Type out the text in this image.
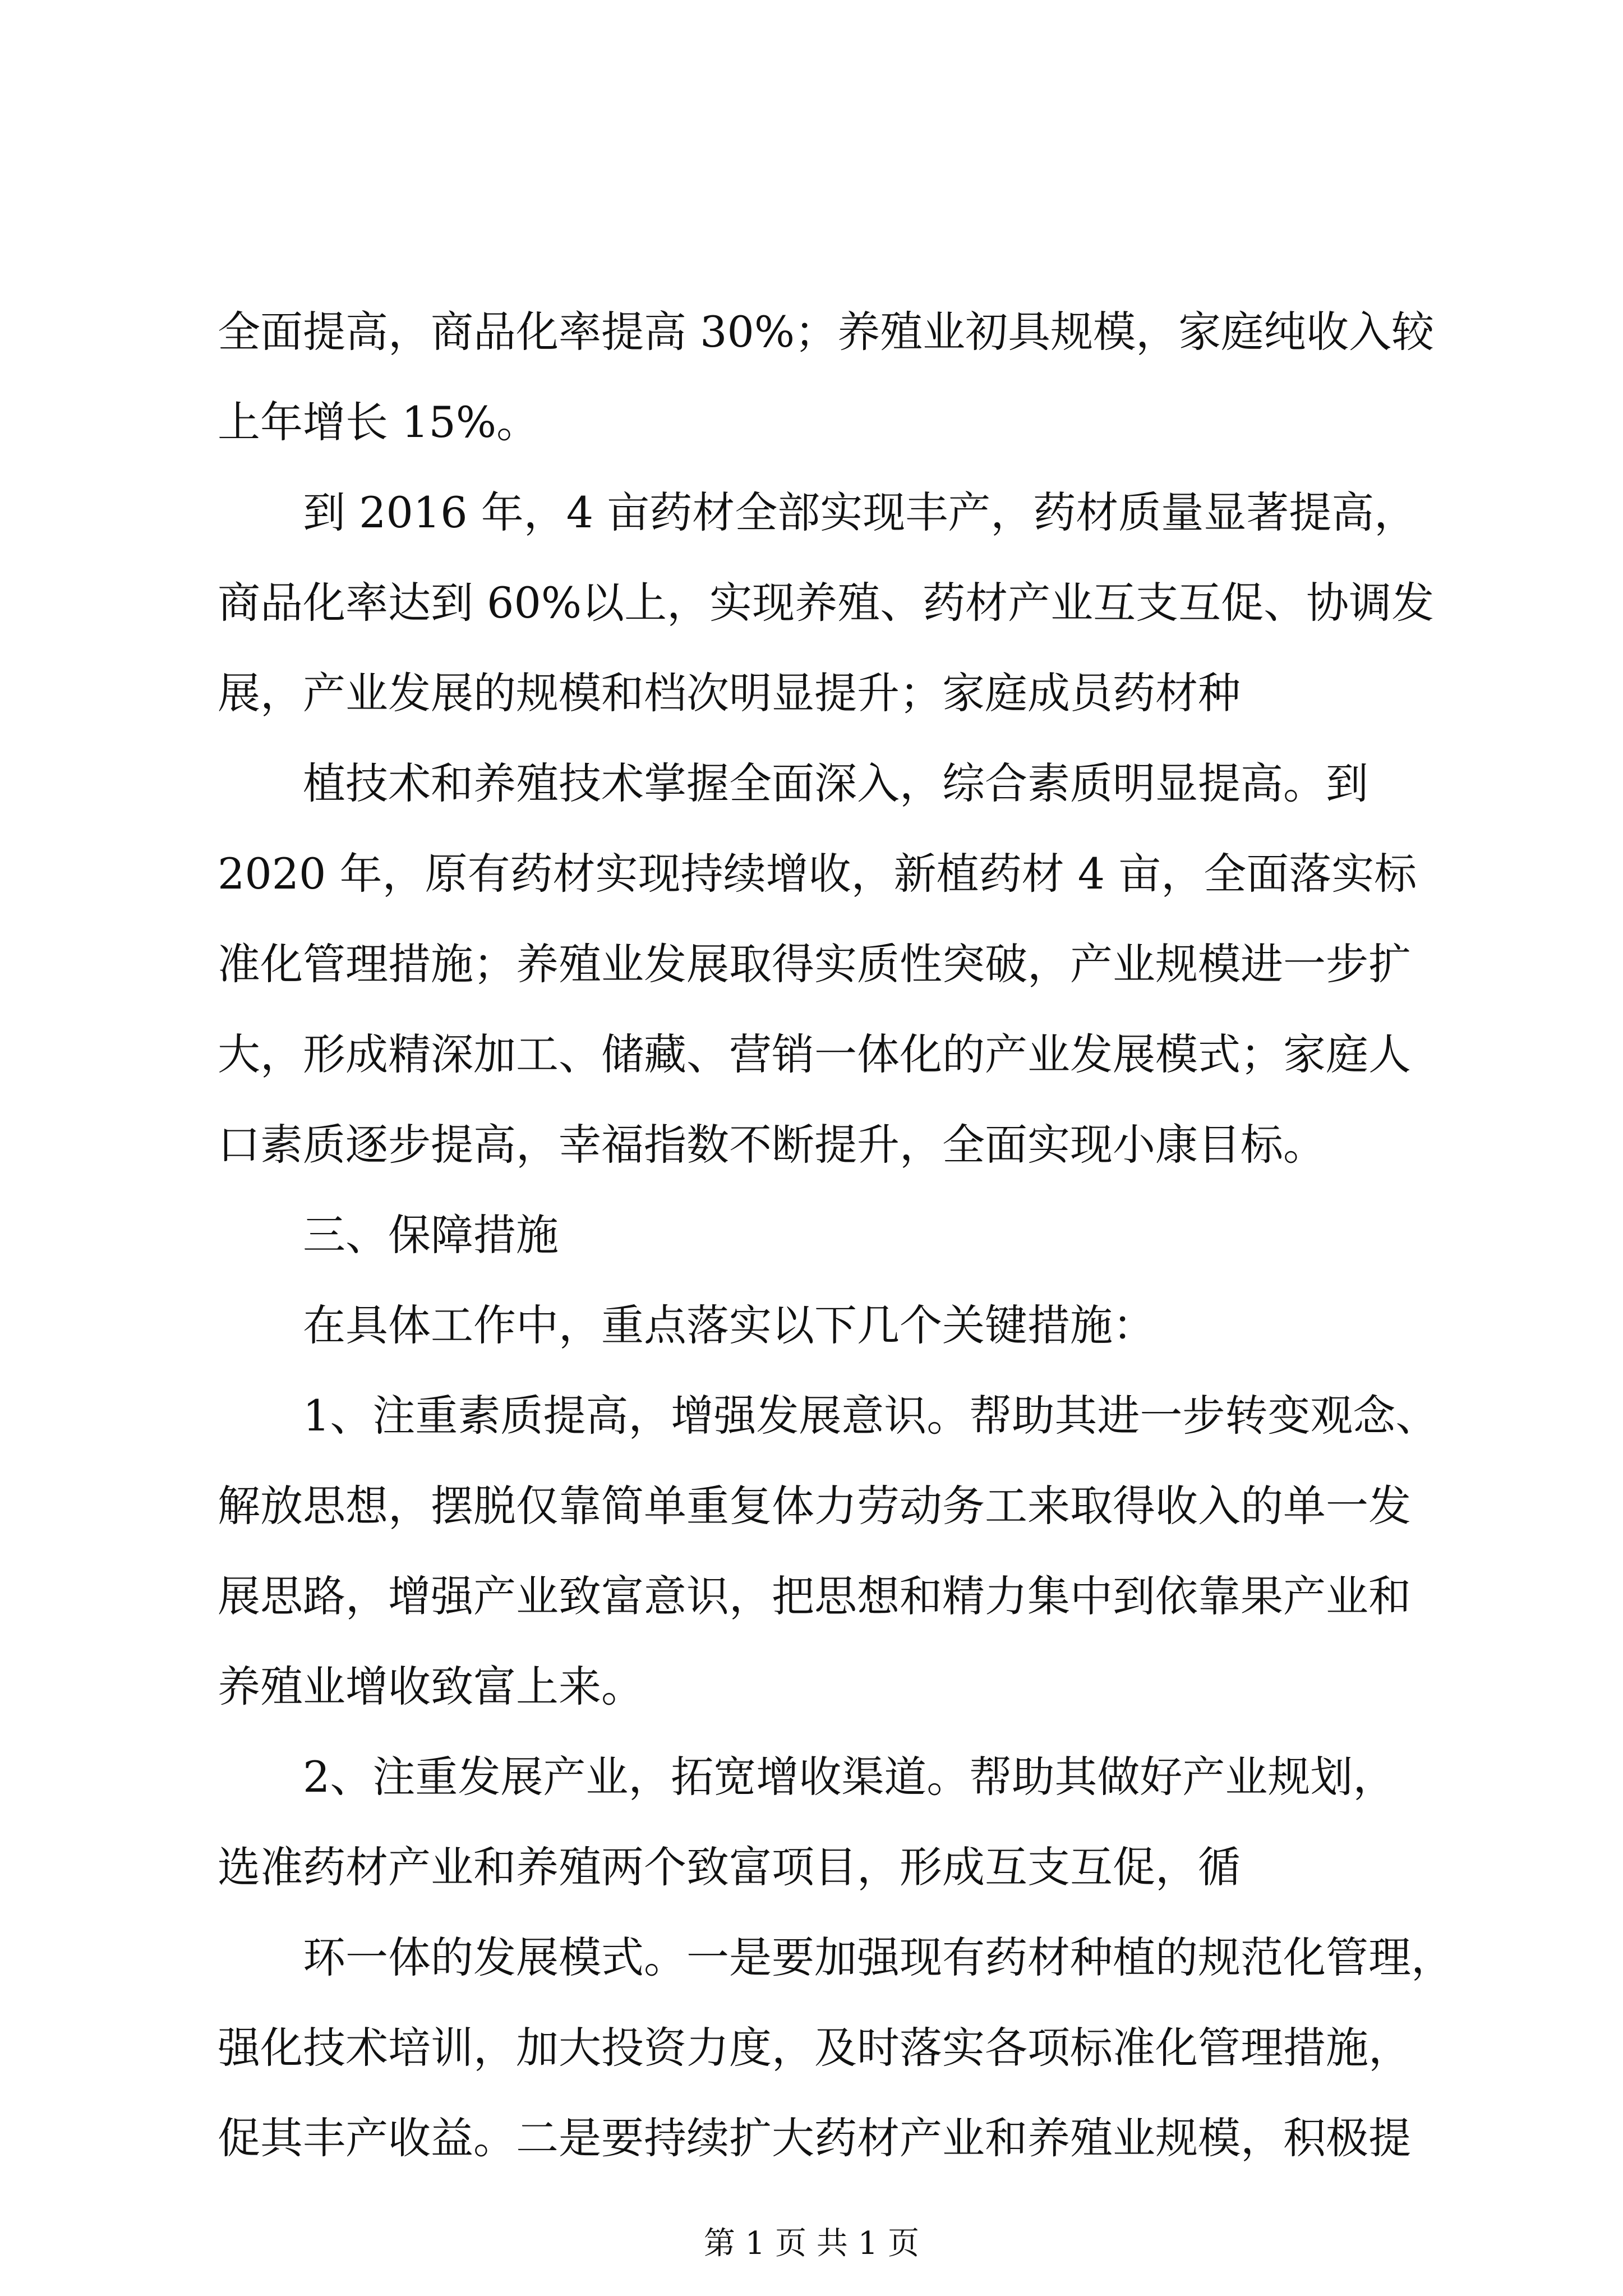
全面提高，商品化率提高 30%；养殖业初具规模，家庭纯收入较

上年增长 15%。

到 2016 年，4 亩药材全部实现丰产，药材质量显著提高，

商品化率达到 60%以上，实现养殖、药材产业互支互促、协调发

展，产业发展的规模和档次明显提升；家庭成员药材种

植技术和养殖技术掌握全面深入，综合素质明显提高。到

2020 年，原有药材实现持续增收，新植药材 4 亩，全面落实标

准化管理措施；养殖业发展取得实质性突破，产业规模进一步扩

大，形成精深加工、储藏、营销一体化的产业发展模式；家庭人

口素质逐步提高，幸福指数不断提升，全面实现小康目标。

三、保障措施

在具体工作中，重点落实以下几个关键措施：

1、注重素质提高，增强发展意识。帮助其进一步转变观念、

解放思想，摆脱仅靠简单重复体力劳动务工来取得收入的单一发

展思路，增强产业致富意识，把思想和精力集中到依靠果产业和

养殖业增收致富上来。

2、注重发展产业，拓宽增收渠道。帮助其做好产业规划，

选准药材产业和养殖两个致富项目，形成互支互促，循

环一体的发展模式。一是要加强现有药材种植的规范化管理，

强化技术培训，加大投资力度，及时落实各项标准化管理措施，

促其丰产收益。二是要持续扩大药材产业和养殖业规模，积极提

第 1 页 共 1 页
